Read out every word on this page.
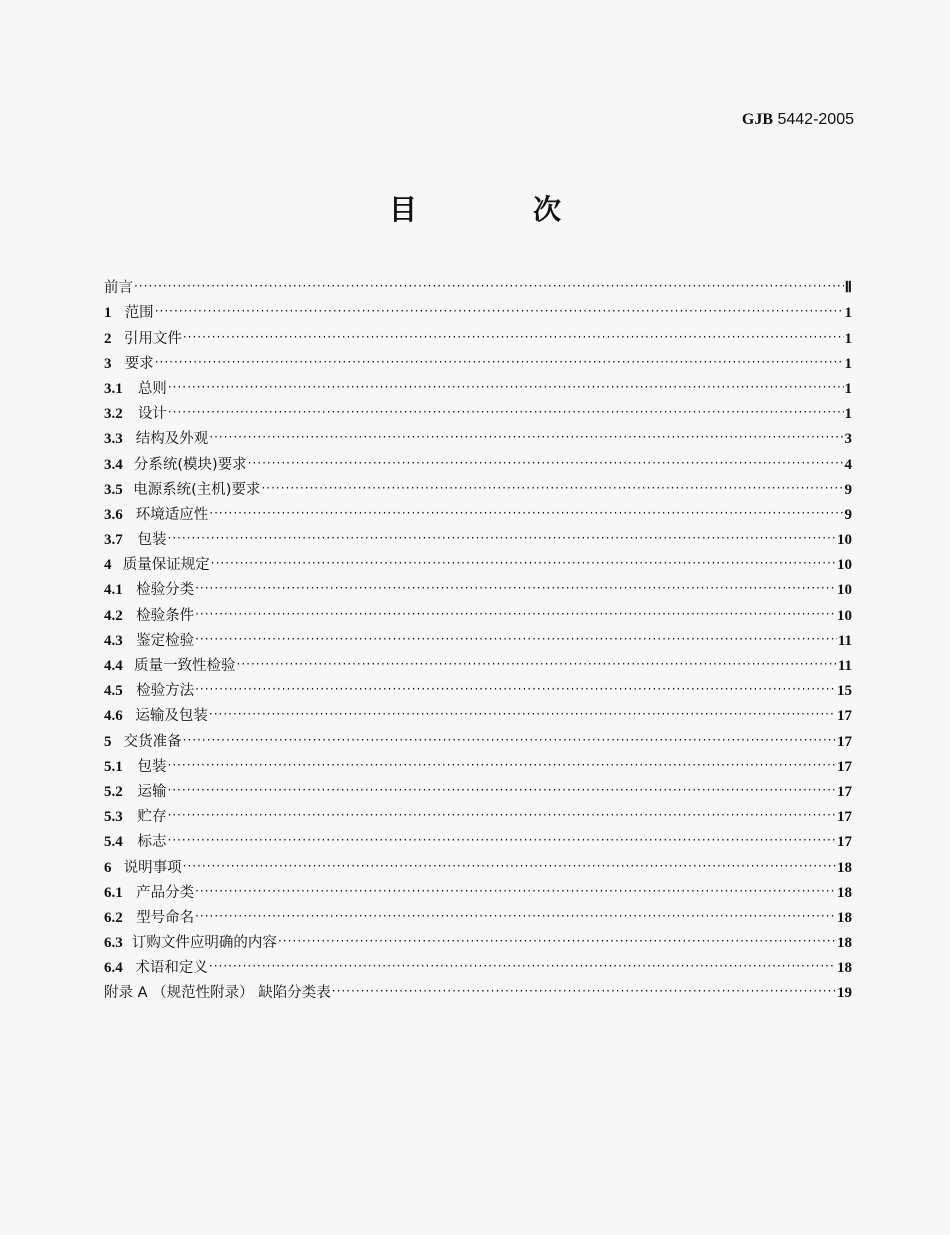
GJB 5442-2005
目　次
前言 ·····	Ⅱ
1 范围 ·····	1
2 引用文件 ·····	1
3 要求 ·····	1
3.1	总则 ·····	1
3.2	设计 ·····	1
3.3 结构及外观 ·····	3
3.4 分系统(模块)要求 ·····	4
3.5 电源系统(主机)要求 ·····	9
3.6 环境适应性 ·····	9
3.7	包装 ·····	10
4 质量保证规定 ·····	10
4.1 检验分类 ·····	10
4.2 检验条件 ·····	10
4.3 鉴定检验 ·····	11
4.4 质量一致性检验 ·····	11
4.5 检验方法 ·····	15
4.6 运输及包装 ·····	17
5 交货准备 ·····	17
5.1	包装 ·····	17
5.2	运输 ·····	17
5.3	贮存 ·····	17
5.4	标志 ·····	17
6 说明事项 ·····	18
6.1 产品分类 ·····	18
6.2 型号命名 ·····	18
6.3 订购文件应明确的内容 ·····	18
6.4 术语和定义 ·····	18
附录 A （规范性附录） 缺陷分类表 ·····	19
